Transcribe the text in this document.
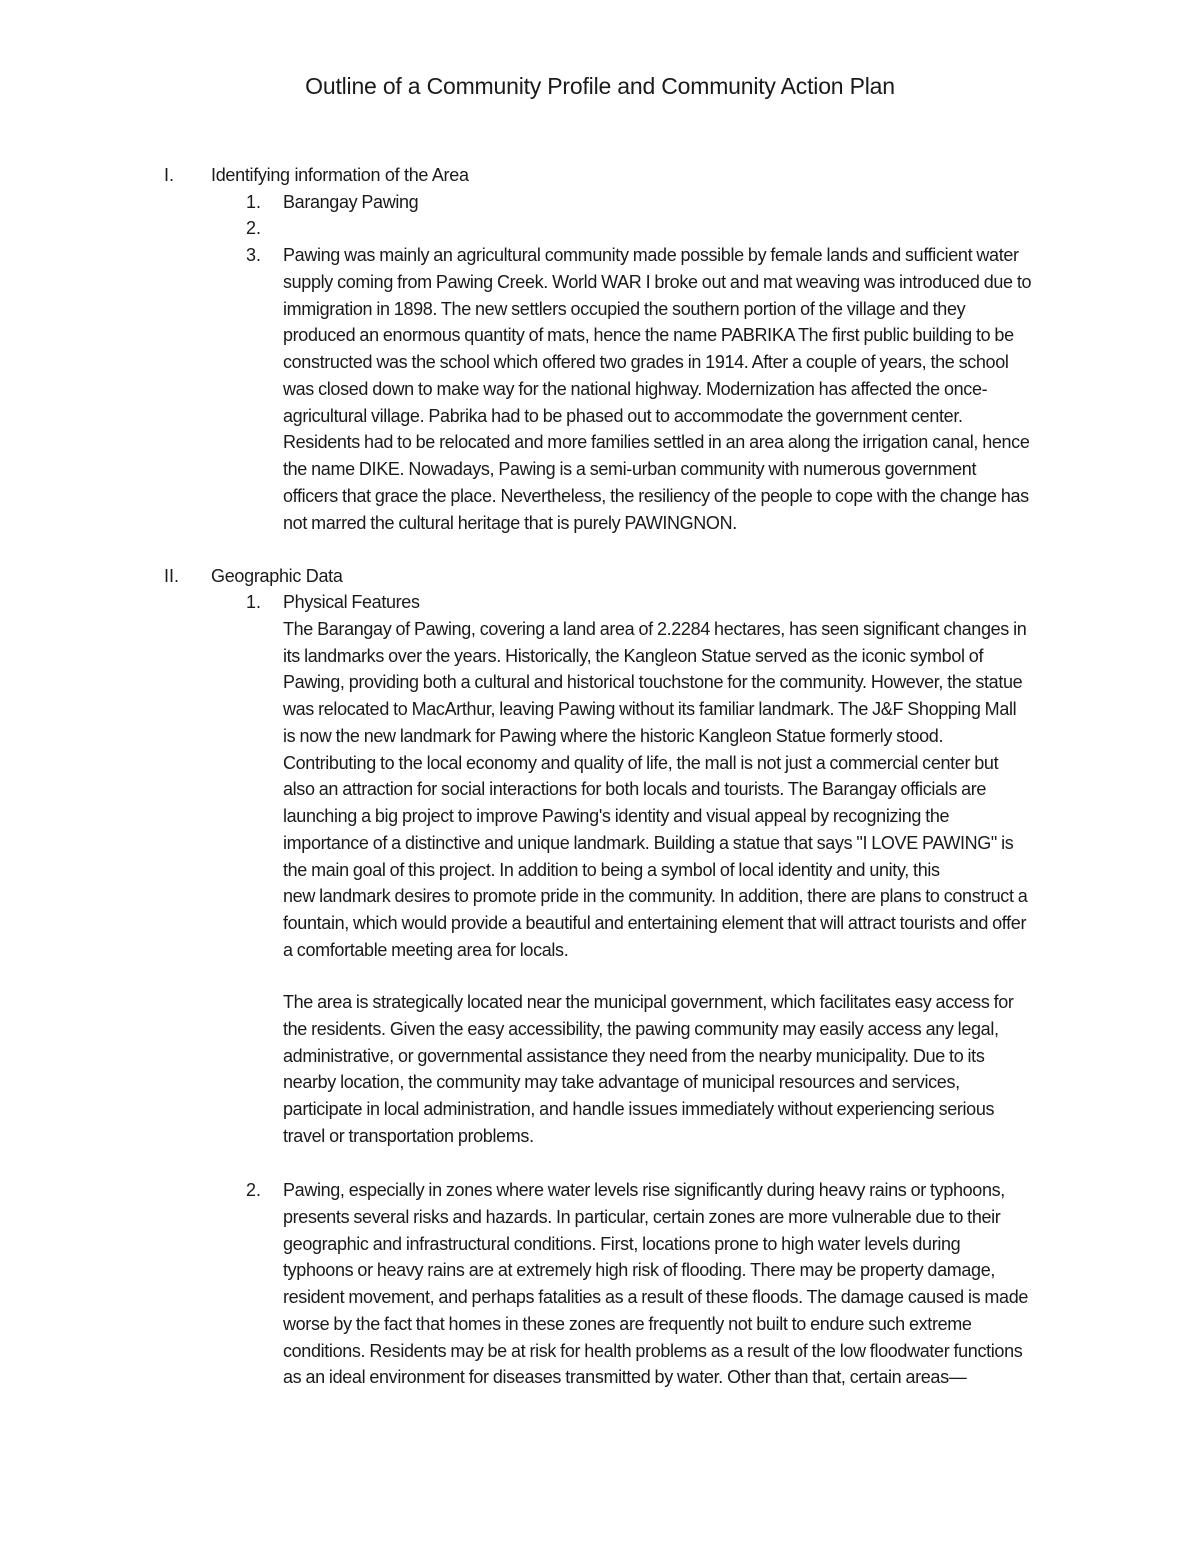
Outline of a Community Profile and Community Action Plan
I. Identifying information of the Area
1. Barangay Pawing
2.
3. Pawing was mainly an agricultural community made possible by female lands and sufficient water
supply coming from Pawing Creek. World WAR I broke out and mat weaving was introduced due to
immigration in 1898. The new settlers occupied the southern portion of the village and they
produced an enormous quantity of mats, hence the name PABRIKA The first public building to be
constructed was the school which offered two grades in 1914. After a couple of years, the school
was closed down to make way for the national highway. Modernization has affected the once-
agricultural village. Pabrika had to be phased out to accommodate the government center.
Residents had to be relocated and more families settled in an area along the irrigation canal, hence
the name DIKE. Nowadays, Pawing is a semi-urban community with numerous government
officers that grace the place. Nevertheless, the resiliency of the people to cope with the change has
not marred the cultural heritage that is purely PAWINGNON.
II. Geographic Data
1. Physical Features
The Barangay of Pawing, covering a land area of 2.2284 hectares, has seen significant changes in
its landmarks over the years. Historically, the Kangleon Statue served as the iconic symbol of
Pawing, providing both a cultural and historical touchstone for the community. However, the statue
was relocated to MacArthur, leaving Pawing without its familiar landmark. The J&F Shopping Mall
is now the new landmark for Pawing where the historic Kangleon Statue formerly stood.
Contributing to the local economy and quality of life, the mall is not just a commercial center but
also an attraction for social interactions for both locals and tourists. The Barangay officials are
launching a big project to improve Pawing's identity and visual appeal by recognizing the
importance of a distinctive and unique landmark. Building a statue that says "I LOVE PAWING" is
the main goal of this project. In addition to being a symbol of local identity and unity, this
new landmark desires to promote pride in the community. In addition, there are plans to construct a
fountain, which would provide a beautiful and entertaining element that will attract tourists and offer
a comfortable meeting area for locals.
The area is strategically located near the municipal government, which facilitates easy access for
the residents. Given the easy accessibility, the pawing community may easily access any legal,
administrative, or governmental assistance they need from the nearby municipality. Due to its
nearby location, the community may take advantage of municipal resources and services,
participate in local administration, and handle issues immediately without experiencing serious
travel or transportation problems.
2. Pawing, especially in zones where water levels rise significantly during heavy rains or typhoons,
presents several risks and hazards. In particular, certain zones are more vulnerable due to their
geographic and infrastructural conditions. First, locations prone to high water levels during
typhoons or heavy rains are at extremely high risk of flooding. There may be property damage,
resident movement, and perhaps fatalities as a result of these floods. The damage caused is made
worse by the fact that homes in these zones are frequently not built to endure such extreme
conditions. Residents may be at risk for health problems as a result of the low floodwater functions
as an ideal environment for diseases transmitted by water. Other than that, certain areas—
